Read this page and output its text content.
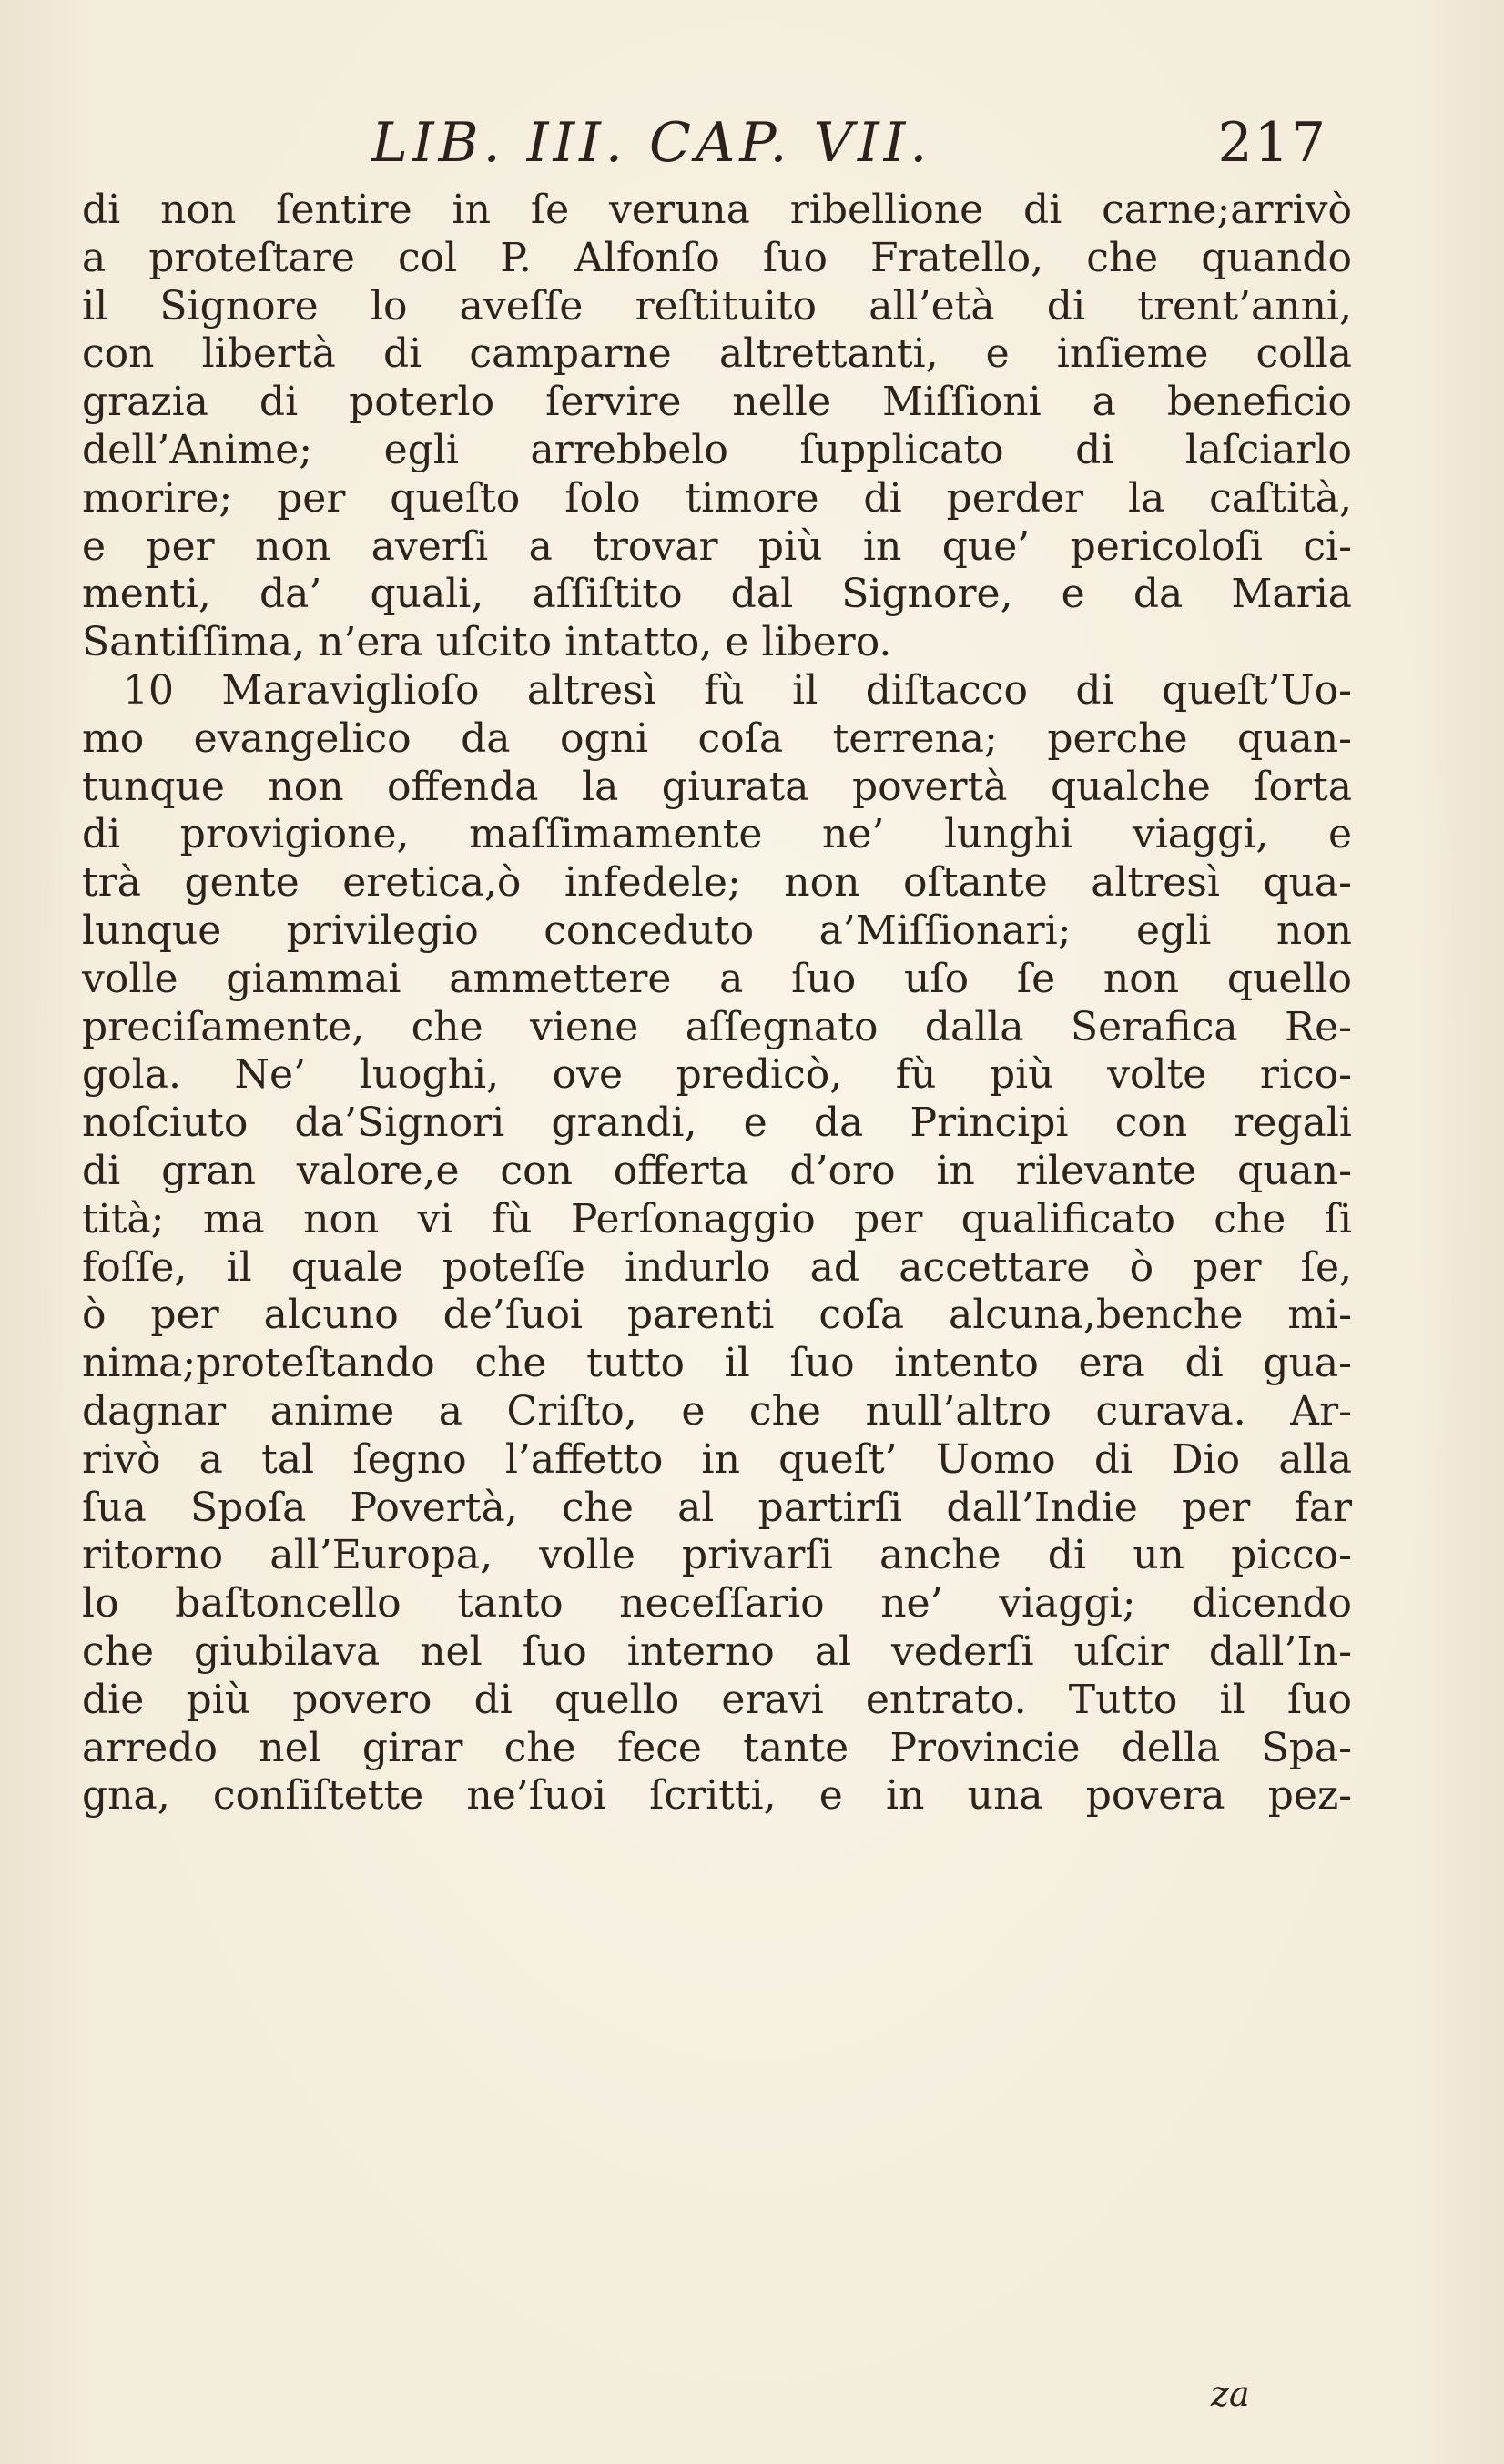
LIB. III. CAP. VII.	217
di non ſentire in ſe veruna ribellione di carne;arrivò
a proteſtare col P. Alfonſo ſuo Fratello, che quando
il Signore lo aveſſe reſtituito all’età di trent’anni,
con libertà di camparne altrettanti, e inſieme colla
grazia di poterlo ſervire nelle Miſſioni a beneficio
dell’Anime; egli arrebbelo ſupplicato di laſciarlo
morire; per queſto ſolo timore di perder la caſtità,
e per non averſi a trovar più in que’ pericoloſi ci-
menti, da’ quali, aſſiſtito dal Signore, e da Maria
Santiſſima, n’era uſcito intatto, e libero.
10 Maraviglioſo altresì fù il diſtacco di queſt’Uo-
mo evangelico da ogni coſa terrena; perche quan-
tunque non offenda la giurata povertà qualche ſorta
di provigione, maſſimamente ne’ lunghi viaggi, e
trà gente eretica,ò infedele; non oſtante altresì qua-
lunque privilegio conceduto a’Miſſionari; egli non
volle giammai ammettere a ſuo uſo ſe non quello
preciſamente, che viene aſſegnato dalla Serafica Re-
gola. Ne’ luoghi, ove predicò, fù più volte rico-
noſciuto da’Signori grandi, e da Principi con regali
di gran valore,e con offerta d’oro in rilevante quan-
tità; ma non vi fù Perſonaggio per qualificato che ſi
foſſe, il quale poteſſe indurlo ad accettare ò per ſe,
ò per alcuno de’ſuoi parenti coſa alcuna,benche mi-
nima;proteſtando che tutto il ſuo intento era di gua-
dagnar anime a Criſto, e che null’altro curava. Ar-
rivò a tal ſegno l’affetto in queſt’ Uomo di Dio alla
ſua Spoſa Povertà, che al partirſi dall’Indie per far
ritorno all’Europa, volle privarſi anche di un picco-
lo baſtoncello tanto neceſſario ne’ viaggi; dicendo
che giubilava nel ſuo interno al vederſi uſcir dall’In-
die più povero di quello eravi entrato. Tutto il ſuo
arredo nel girar che fece tante Provincie della Spa-
gna, conſiſtette ne’ſuoi ſcritti, e in una povera pez-
za
